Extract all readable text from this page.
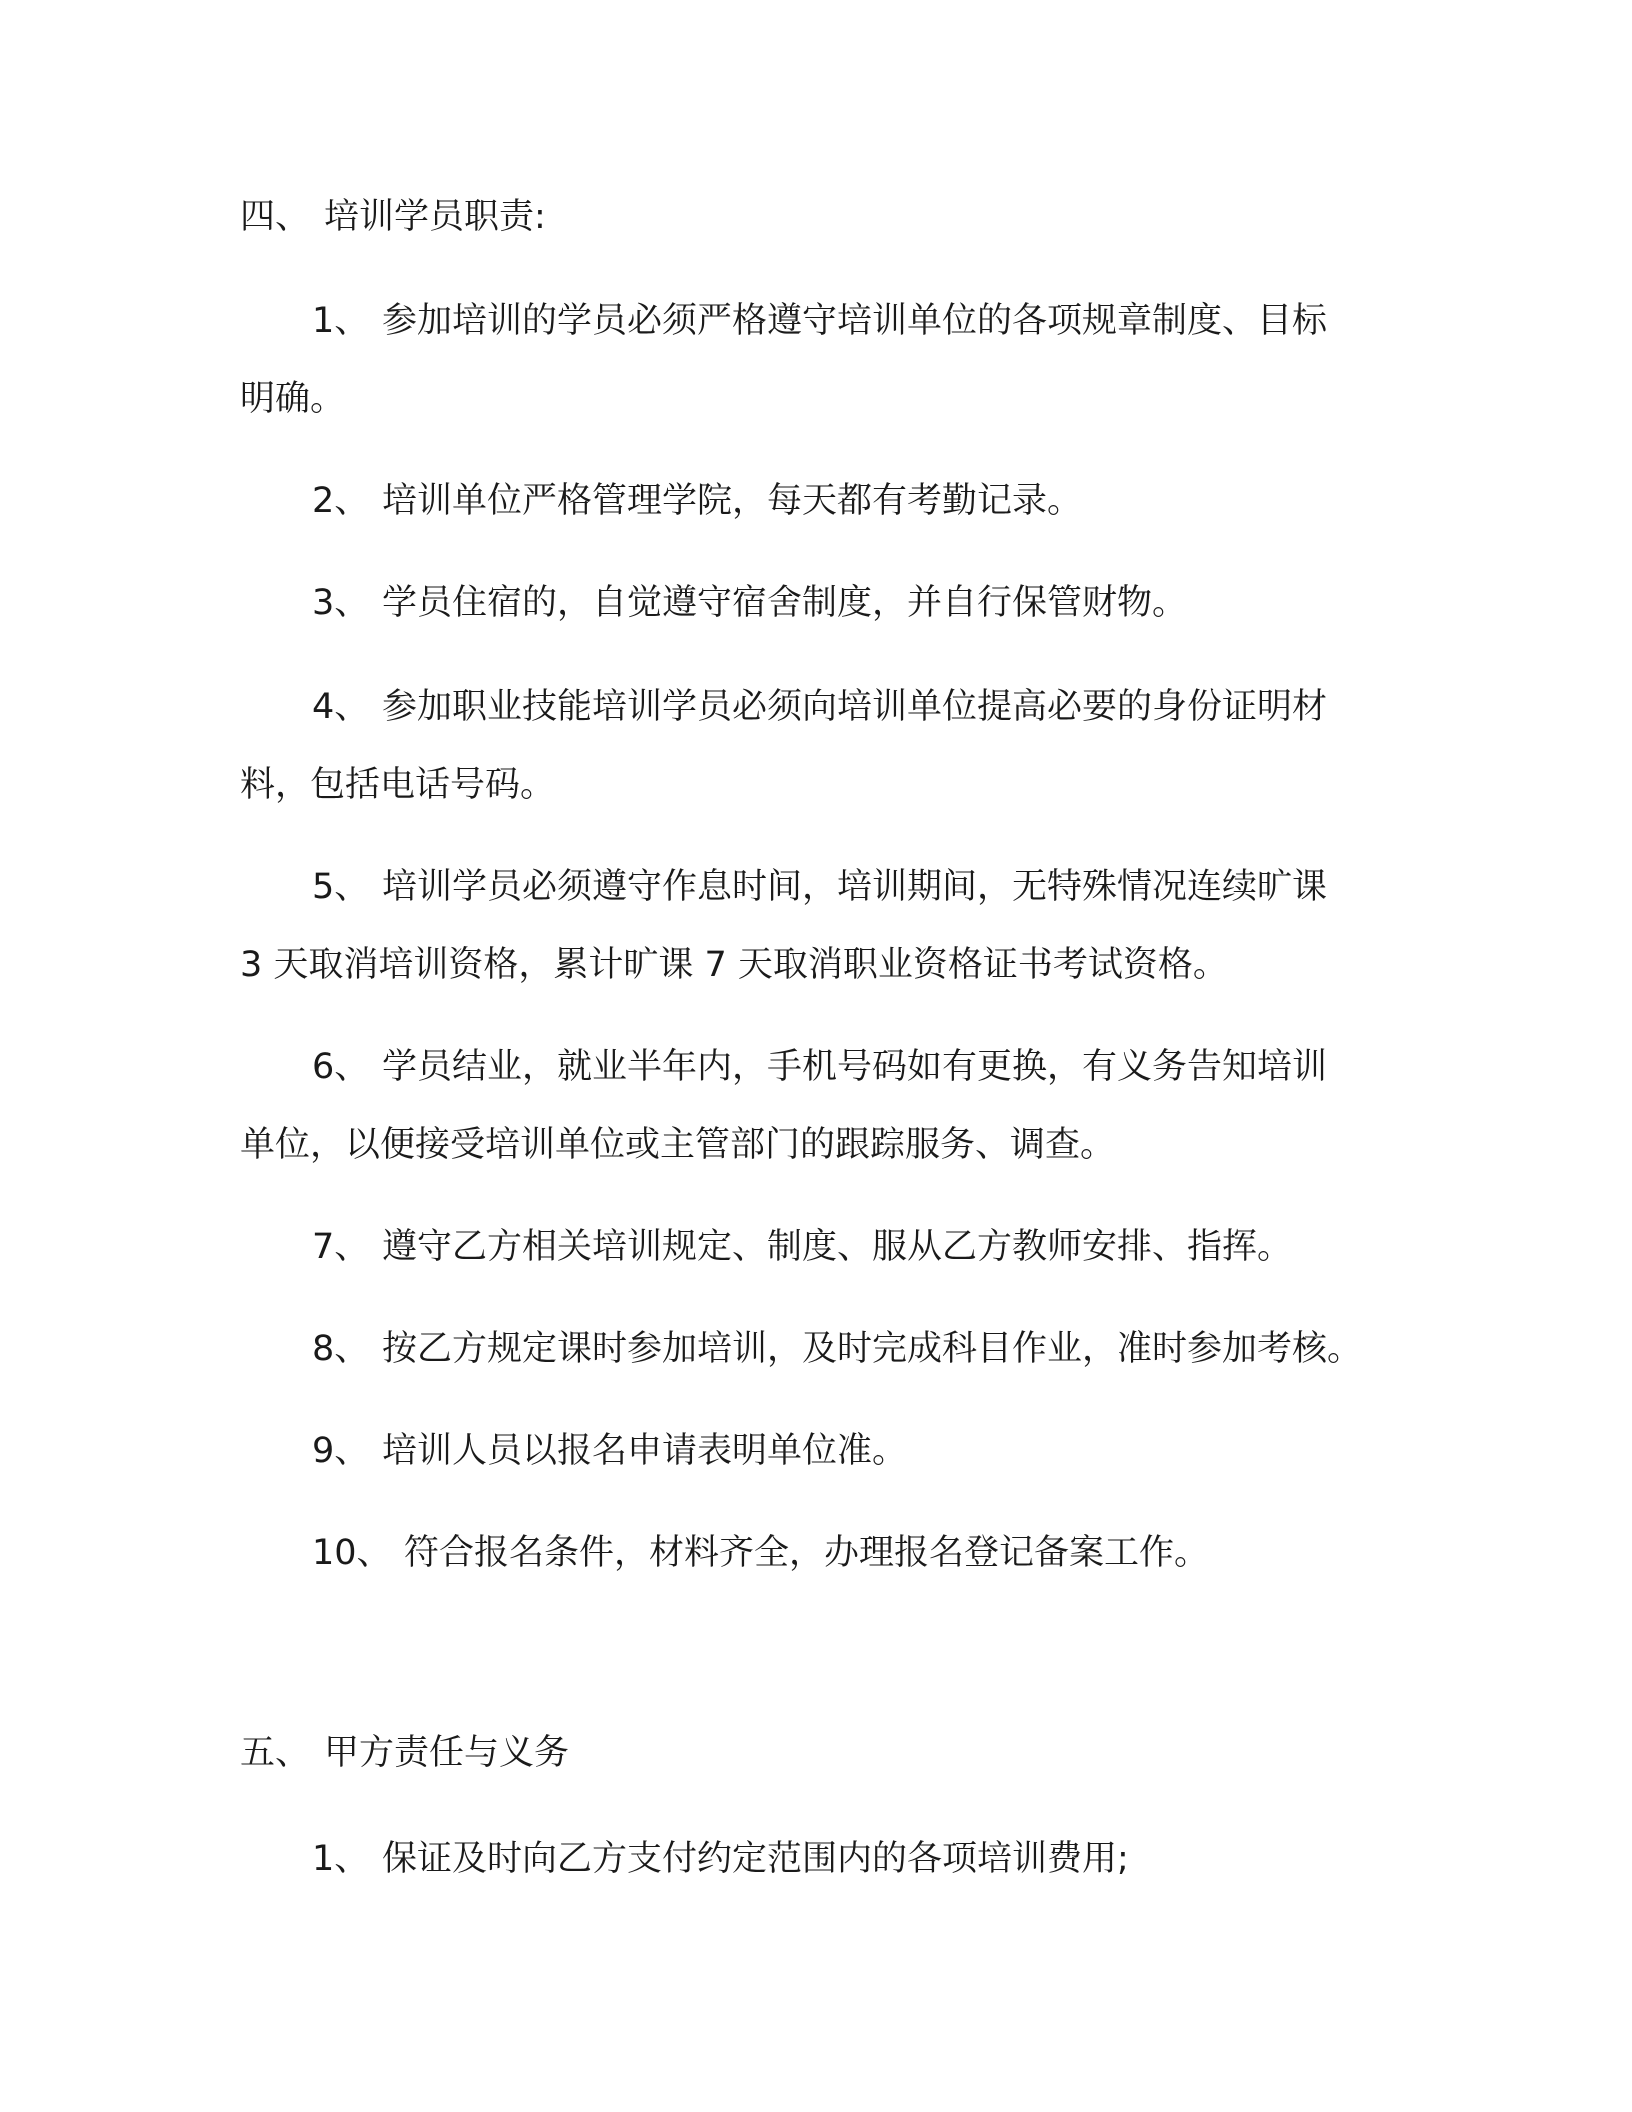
四、 培训学员职责:
1、 参加培训的学员必须严格遵守培训单位的各项规章制度、目标
明确。
2、 培训单位严格管理学院，每天都有考勤记录。
3、 学员住宿的，自觉遵守宿舍制度，并自行保管财物。
4、 参加职业技能培训学员必须向培训单位提高必要的身份证明材
料，包括电话号码。
5、 培训学员必须遵守作息时间，培训期间，无特殊情况连续旷课
3 天取消培训资格，累计旷课 7 天取消职业资格证书考试资格。
6、 学员结业，就业半年内，手机号码如有更换，有义务告知培训
单位，以便接受培训单位或主管部门的跟踪服务、调查。
7、 遵守乙方相关培训规定、制度、服从乙方教师安排、指挥。
8、 按乙方规定课时参加培训，及时完成科目作业，准时参加考核。
9、 培训人员以报名申请表明单位准。
10、 符合报名条件，材料齐全，办理报名登记备案工作。
五、 甲方责任与义务
1、 保证及时向乙方支付约定范围内的各项培训费用;
